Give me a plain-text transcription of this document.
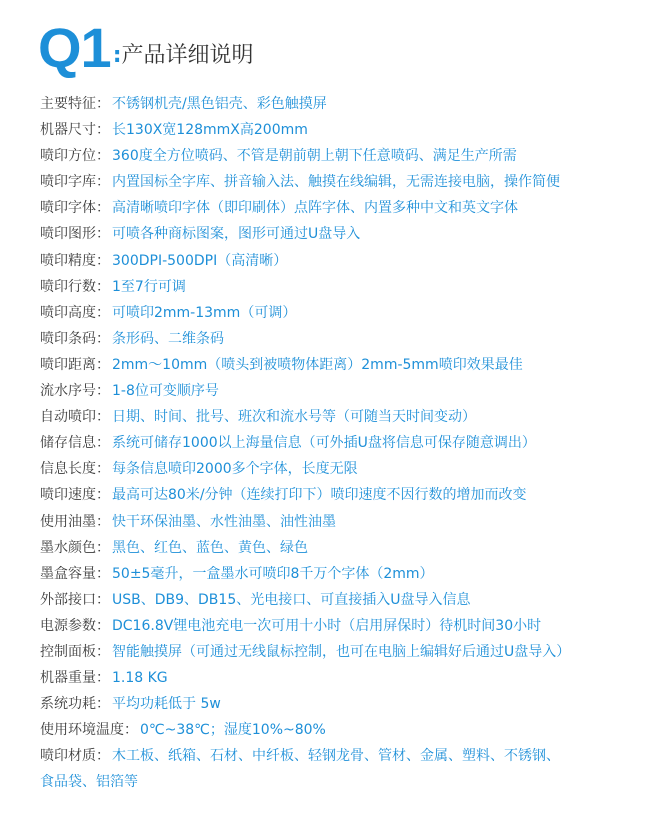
Q1 :产品详细说明
主要特征： 不锈钢机壳/黑色铝壳、彩色触摸屏
机器尺寸： 长130X宽128mmX高200mm
喷印方位： 360度全方位喷码、不管是朝前朝上朝下任意喷码、满足生产所需
喷印字库： 内置国标全字库、拼音输入法、触摸在线编辑，无需连接电脑，操作简便
喷印字体： 高清晰喷印字体（即印刷体）点阵字体、内置多种中文和英文字体
喷印图形： 可喷各种商标图案，图形可通过U盘导入
喷印精度： 300DPI-500DPI（高清晰）
喷印行数： 1至7行可调
喷印高度： 可喷印2mm-13mm（可调）
喷印条码： 条形码、二维条码
喷印距离： 2mm～10mm（喷头到被喷物体距离）2mm-5mm喷印效果最佳
流水序号： 1-8位可变顺序号
自动喷印： 日期、时间、批号、班次和流水号等（可随当天时间变动）
储存信息： 系统可储存1000以上海量信息（可外插U盘将信息可保存随意调出）
信息长度： 每条信息喷印2000多个字体，长度无限
喷印速度： 最高可达80米/分钟（连续打印下）喷印速度不因行数的增加而改变
使用油墨： 快干环保油墨、水性油墨、油性油墨
墨水颜色： 黑色、红色、蓝色、黄色、绿色
墨盒容量： 50±5毫升，一盒墨水可喷印8千万个字体（2mm）
外部接口： USB、DB9、DB15、光电接口、可直接插入U盘导入信息
电源参数： DC16.8V锂电池充电一次可用十小时（启用屏保时）待机时间30小时
控制面板： 智能触摸屏（可通过无线鼠标控制，也可在电脑上编辑好后通过U盘导入）
机器重量： 1.18 KG
系统功耗： 平均功耗低于 5w
使用环境温度： 0℃~38℃；湿度10%~80%
喷印材质： 木工板、纸箱、石材、中纤板、轻钢龙骨、管材、金属、塑料、不锈钢、
食品袋、铝箔等
